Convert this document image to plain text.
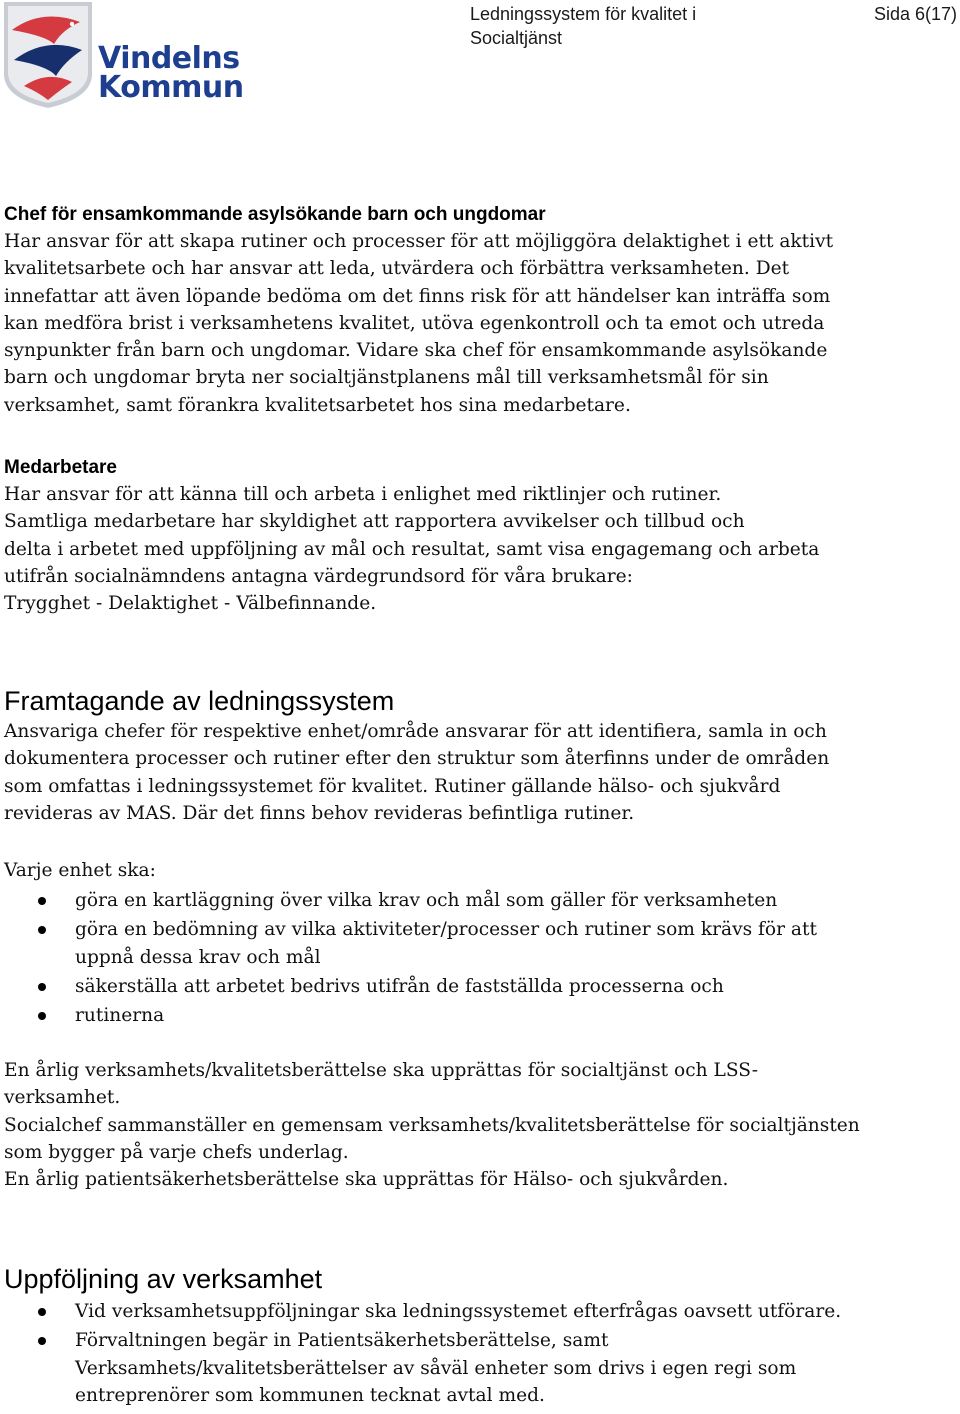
Vindelns
Kommun
Ledningssystem för kvalitet i
Socialtjänst
Sida 6(17)

Chef för ensamkommande asylsökande barn och ungdomar

Har ansvar för att skapa rutiner och processer för att möjliggöra delaktighet i ett aktivt

kvalitetsarbete och har ansvar att leda, utvärdera och förbättra verksamheten. Det

innefattar att även löpande bedöma om det finns risk för att händelser kan inträffa som

kan medföra brist i verksamhetens kvalitet, utöva egenkontroll och ta emot och utreda

synpunkter från barn och ungdomar. Vidare ska chef för ensamkommande asylsökande

barn och ungdomar bryta ner socialtjänstplanens mål till verksamhetsmål för sin

verksamhet, samt förankra kvalitetsarbetet hos sina medarbetare.

Medarbetare

Har ansvar för att känna till och arbeta i enlighet med riktlinjer och rutiner.

Samtliga medarbetare har skyldighet att rapportera avvikelser och tillbud och

delta i arbetet med uppföljning av mål och resultat, samt visa engagemang och arbeta

utifrån socialnämndens antagna värdegrundsord för våra brukare:

Trygghet - Delaktighet - Välbefinnande.

Framtagande av ledningssystem

Ansvariga chefer för respektive enhet/område ansvarar för att identifiera, samla in och

dokumentera processer och rutiner efter den struktur som återfinns under de områden

som omfattas i ledningssystemet för kvalitet. Rutiner gällande hälso- och sjukvård

revideras av MAS. Där det finns behov revideras befintliga rutiner.

Varje enhet ska:

göra en kartläggning över vilka krav och mål som gäller för verksamheten

göra en bedömning av vilka aktiviteter/processer och rutiner som krävs för att

uppnå dessa krav och mål

säkerställa att arbetet bedrivs utifrån de fastställda processerna och

rutinerna

En årlig verksamhets/kvalitetsberättelse ska upprättas för socialtjänst och LSS-

verksamhet.

Socialchef sammanställer en gemensam verksamhets/kvalitetsberättelse för socialtjänsten

som bygger på varje chefs underlag.

En årlig patientsäkerhetsberättelse ska upprättas för Hälso- och sjukvården.

Uppföljning av verksamhet

Vid verksamhetsuppföljningar ska ledningssystemet efterfrågas oavsett utförare.

Förvaltningen begär in Patientsäkerhetsberättelse, samt

Verksamhets/kvalitetsberättelser av såväl enheter som drivs i egen regi som

entreprenörer som kommunen tecknat avtal med.
